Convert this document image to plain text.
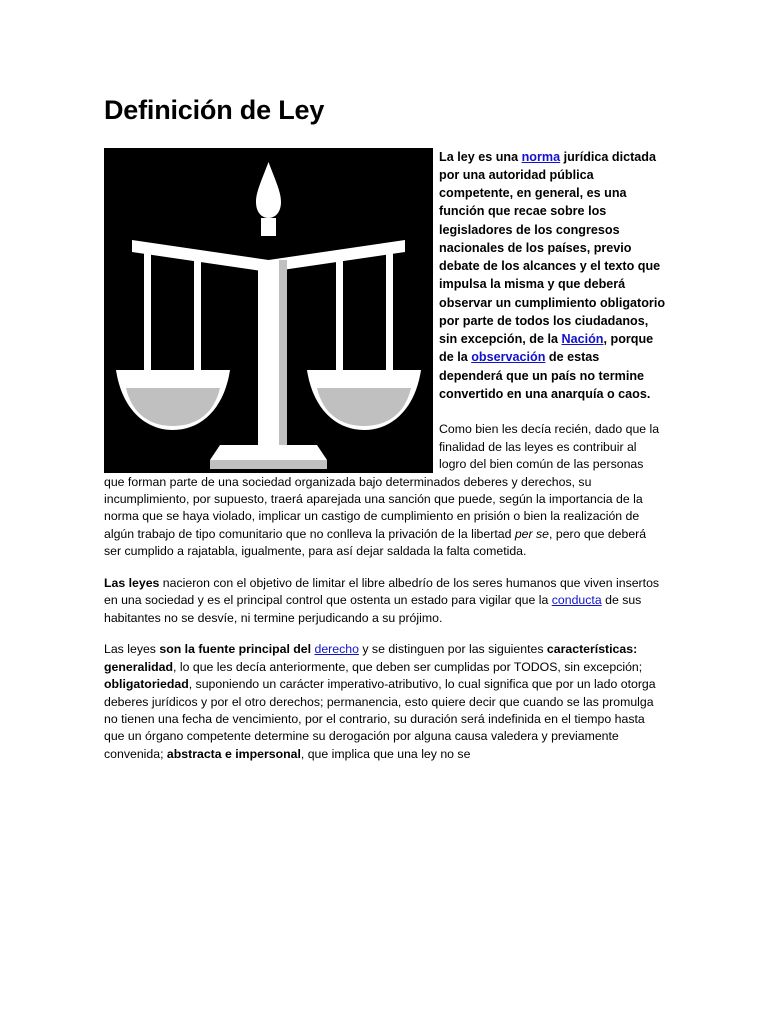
Definición de Ley

La ley es una norma jurídica dictada por una autoridad pública competente, en general, es una función que recae sobre los legisladores de los congresos nacionales de los países, previo debate de los alcances y el texto que impulsa la misma y que deberá observar un cumplimiento obligatorio por parte de todos los ciudadanos, sin excepción, de la Nación, porque de la observación de estas dependerá que un país no termine convertido en una anarquía o caos.

Como bien les decía recién, dado que la finalidad de las leyes es contribuir al logro del bien común de las personas que forman parte de una sociedad organizada bajo determinados deberes y derechos, su incumplimiento, por supuesto, traerá aparejada una sanción que puede, según la importancia de la norma que se haya violado, implicar un castigo de cumplimiento en prisión o bien la realización de algún trabajo de tipo comunitario que no conlleva la privación de la libertad per se, pero que deberá ser cumplido a rajatabla, igualmente, para así dejar saldada la falta cometida.

Las leyes nacieron con el objetivo de limitar el libre albedrío de los seres humanos que viven insertos en una sociedad y es el principal control que ostenta un estado para vigilar que la conducta de sus habitantes no se desvíe, ni termine perjudicando a su prójimo.

Las leyes son la fuente principal del derecho y se distinguen por las siguientes características: generalidad, lo que les decía anteriormente, que deben ser cumplidas por TODOS, sin excepción; obligatoriedad, suponiendo un carácter imperativo-atributivo, lo cual significa que por un lado otorga deberes jurídicos y por el otro derechos; permanencia, esto quiere decir que cuando se las promulga no tienen una fecha de vencimiento, por el contrario, su duración será indefinida en el tiempo hasta que un órgano competente determine su derogación por alguna causa valedera y previamente convenida; abstracta e impersonal, que implica que una ley no se
